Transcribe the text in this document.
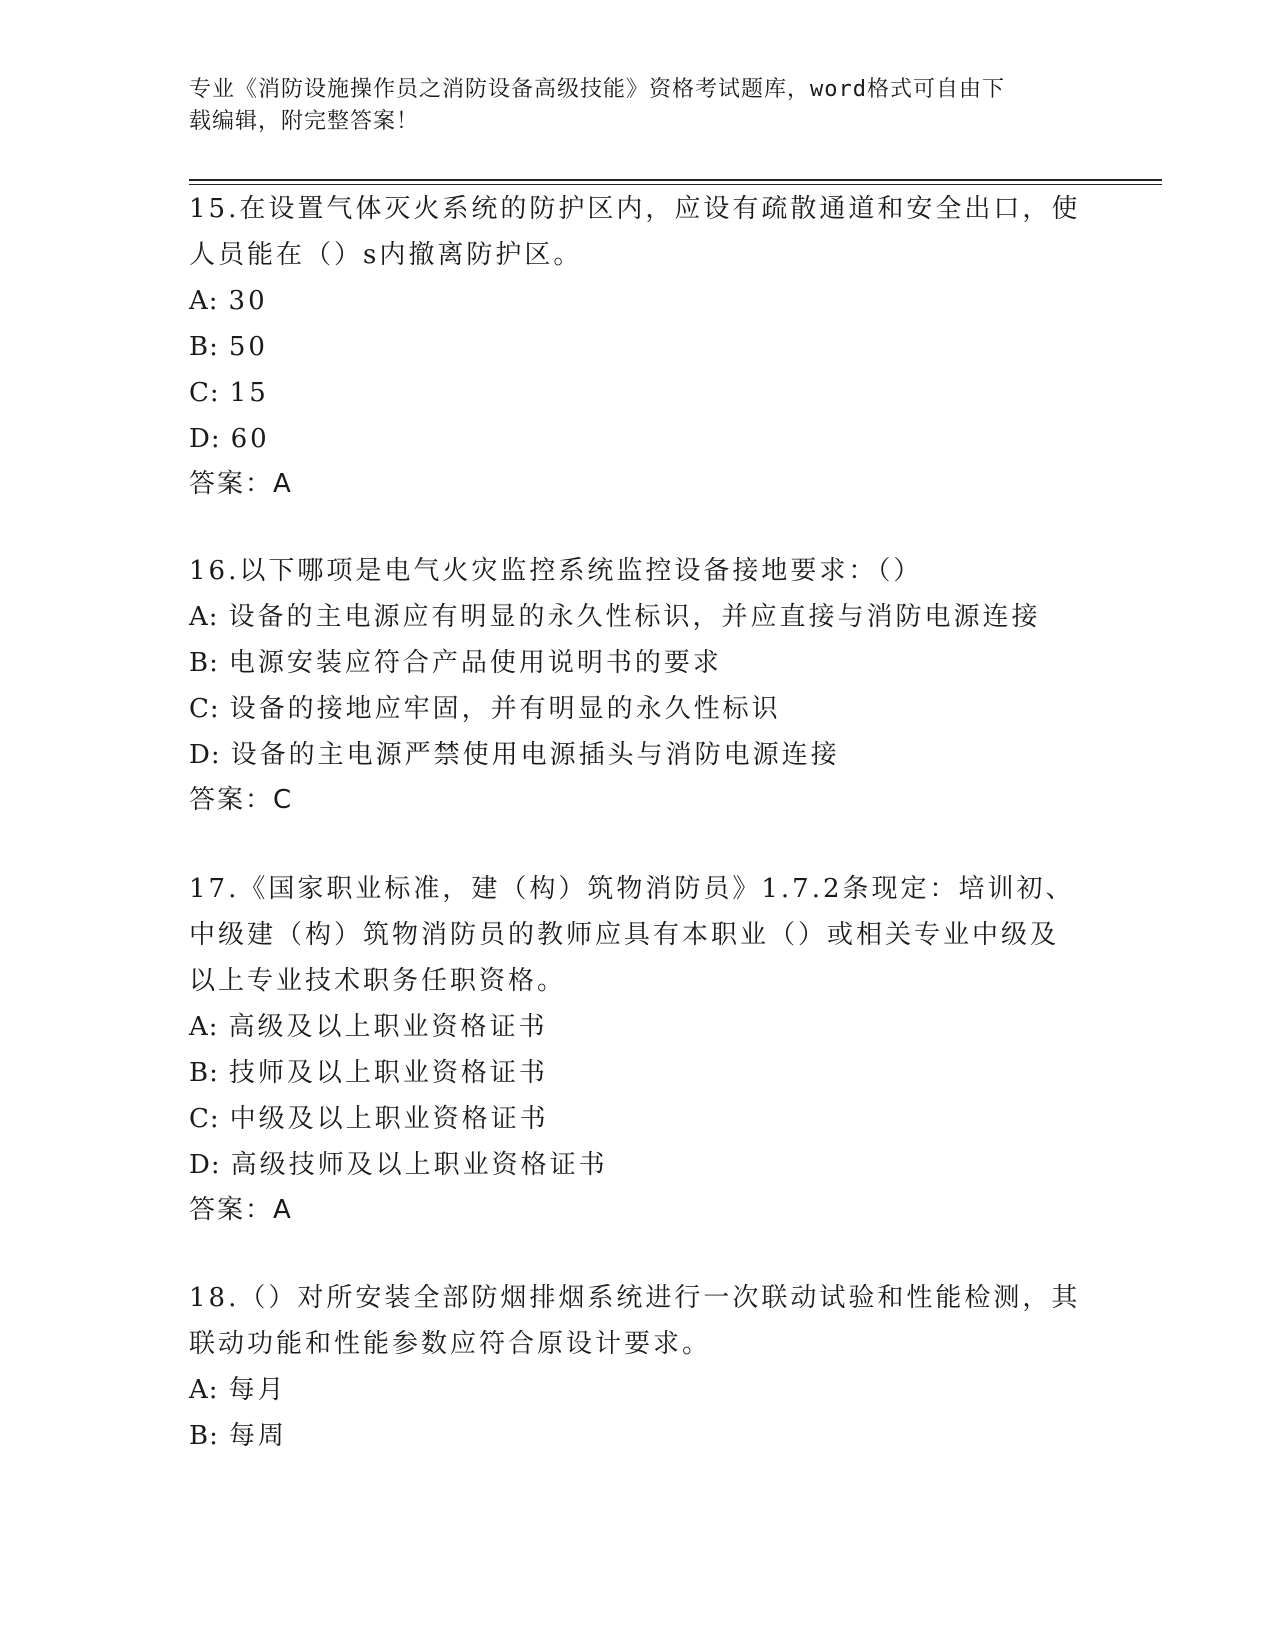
专业《消防设施操作员之消防设备高级技能》资格考试题库，word格式可自由下
载编辑，附完整答案！

15.在设置气体灭火系统的防护区内，应设有疏散通道和安全出口，使

人员能在（）s内撤离防护区。

A: 30

B: 50

C: 15

D: 60

答案：A

16.以下哪项是电气火灾监控系统监控设备接地要求：（）

A: 设备的主电源应有明显的永久性标识，并应直接与消防电源连接

B: 电源安装应符合产品使用说明书的要求

C: 设备的接地应牢固，并有明显的永久性标识

D: 设备的主电源严禁使用电源插头与消防电源连接

答案：C

17.《国家职业标准，建（构）筑物消防员》1.7.2条现定：培训初、

中级建（构）筑物消防员的教师应具有本职业（）或相关专业中级及

以上专业技术职务任职资格。

A: 高级及以上职业资格证书

B: 技师及以上职业资格证书

C: 中级及以上职业资格证书

D: 高级技师及以上职业资格证书

答案：A

18.（）对所安装全部防烟排烟系统进行一次联动试验和性能检测，其

联动功能和性能参数应符合原设计要求。

A: 每月

B: 每周
